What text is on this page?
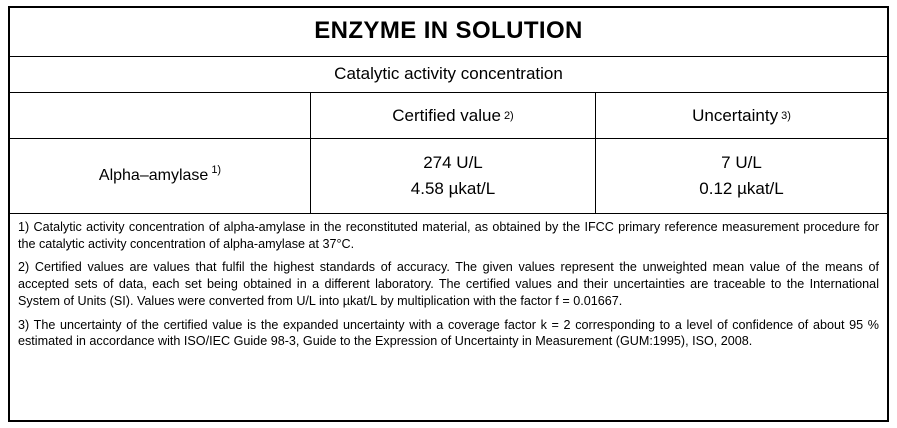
ENZYME IN SOLUTION
Catalytic activity concentration
Certified value 2)	Uncertainty 3)
Alpha–amylase $^{1)}$	274 U/L
4.58 µkat/L
7 U/L
0.12 µkat/L
1) Catalytic activity concentration of alpha-amylase in the reconstituted material, as obtained by the IFCC primary reference measurement procedure for the catalytic activity concentration of alpha-amylase at 37°C.
2) Certified values are values that fulfil the highest standards of accuracy. The given values represent the unweighted mean value of the means of accepted sets of data, each set being obtained in a different laboratory. The certified values and their uncertainties are traceable to the International System of Units (SI). Values were converted from U/L into µkat/L by multiplication with the factor f = 0.01667.
3) The uncertainty of the certified value is the expanded uncertainty with a coverage factor k = 2 corresponding to a level of confidence of about 95 % estimated in accordance with ISO/IEC Guide 98-3, Guide to the Expression of Uncertainty in Measurement (GUM:1995), ISO, 2008.
